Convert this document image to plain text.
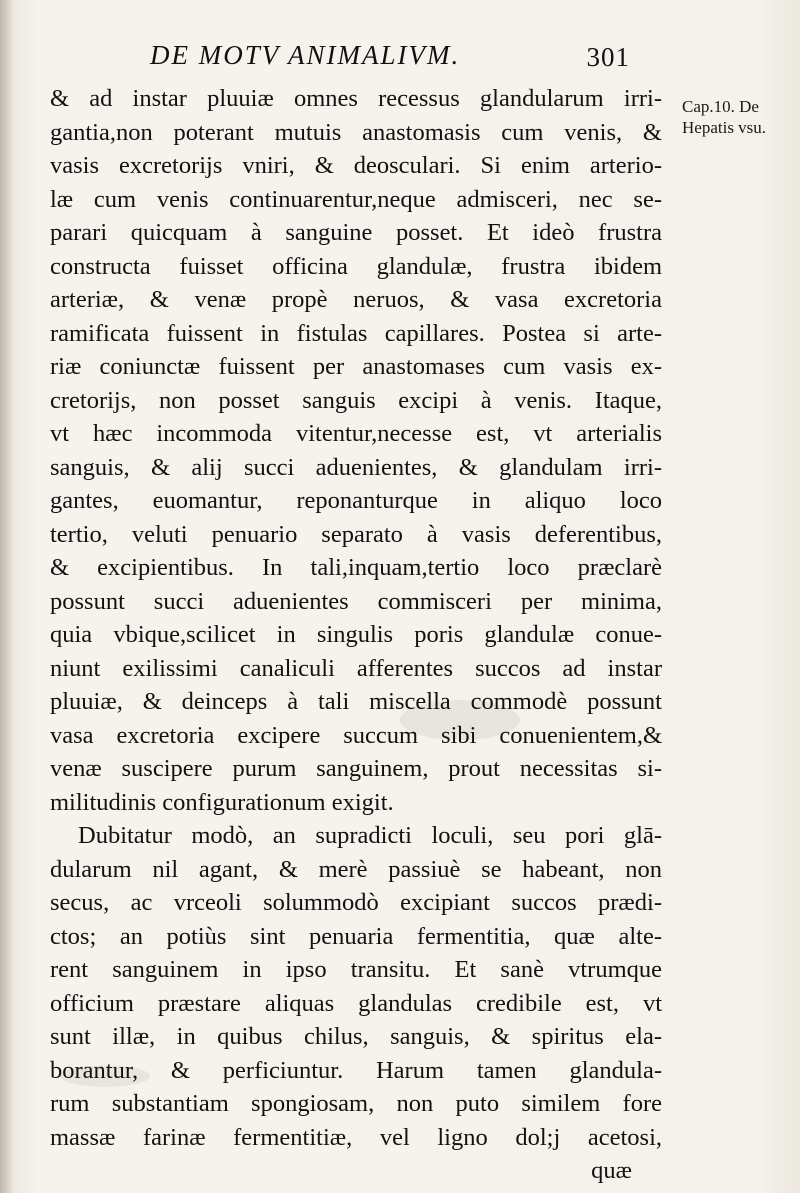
DE MOTV ANIMALIVM.	301
Cap.10. De
Hepatis vsu.
& ad instar pluuiæ omnes recessus glandularum irri-
gantia,non poterant mutuis anastomasis cum venis, &
vasis excretorijs vniri, & deosculari. Si enim arterio-
læ cum venis continuarentur,neque admisceri, nec se-
parari quicquam à sanguine posset. Et ideò frustra
constructa fuisset officina glandulæ, frustra ibidem
arteriæ, & venæ propè neruos, & vasa excretoria
ramificata fuissent in fistulas capillares. Postea si arte-
riæ coniunctæ fuissent per anastomases cum vasis ex-
cretorijs, non posset sanguis excipi à venis. Itaque,
vt hæc incommoda vitentur,necesse est, vt arterialis
sanguis, & alij succi aduenientes, & glandulam irri-
gantes, euomantur, reponanturque in aliquo loco
tertio, veluti penuario separato à vasis deferentibus,
& excipientibus. In tali,inquam,tertio loco præclarè
possunt succi aduenientes commisceri per minima,
quia vbique,scilicet in singulis poris glandulæ conue-
niunt exilissimi canaliculi afferentes succos ad instar
pluuiæ, & deinceps à tali miscella commodè possunt
vasa excretoria excipere succum sibi conuenientem,&
venæ suscipere purum sanguinem, prout necessitas si-
militudinis configurationum exigit.
Dubitatur modò, an supradicti loculi, seu pori glā-
dularum nil agant, & merè passiuè se habeant, non
secus, ac vrceoli solummodò excipiant succos prædi-
ctos; an potiùs sint penuaria fermentitia, quæ alte-
rent sanguinem in ipso transitu. Et sanè vtrumque
officium præstare aliquas glandulas credibile est, vt
sunt illæ, in quibus chilus, sanguis, & spiritus ela-
borantur, & perficiuntur. Harum tamen glandula-
rum substantiam spongiosam, non puto similem fore
massæ farinæ fermentitiæ, vel ligno dol;j acetosi,
quæ
